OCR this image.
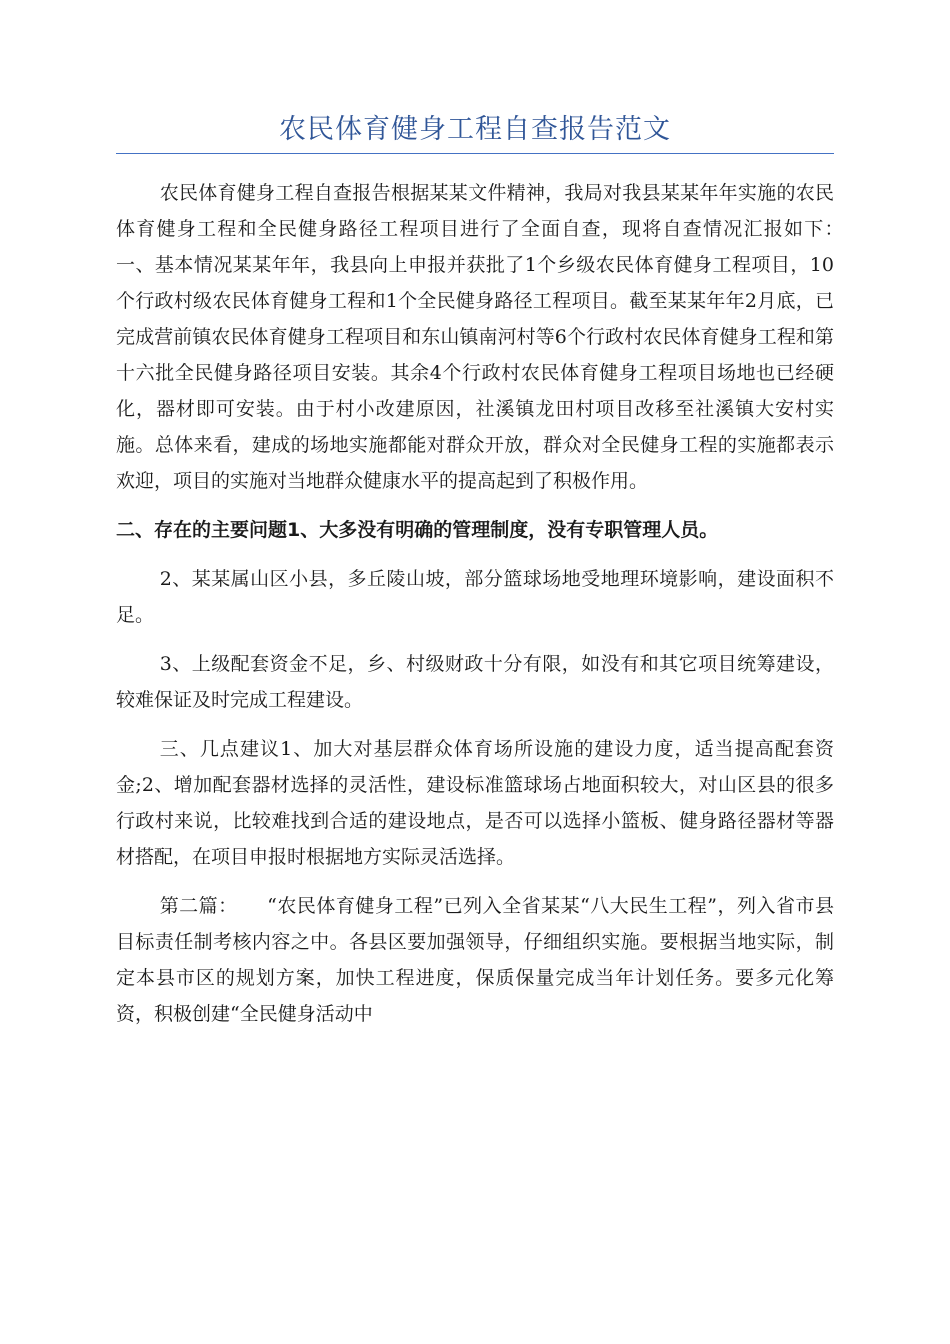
农民体育健身工程自查报告范文

农民体育健身工程自查报告根据某某文件精神，我局对我县某某年年实施的农民体育健身工程和全民健身路径工程项目进行了全面自查，现将自查情况汇报如下：　　一、基本情况某某年年，我县向上申报并获批了1个乡级农民体育健身工程项目，10个行政村级农民体育健身工程和1个全民健身路径工程项目。截至某某年年2月底，已完成营前镇农民体育健身工程项目和东山镇南河村等6个行政村农民体育健身工程和第十六批全民健身路径项目安装。其余4个行政村农民体育健身工程项目场地也已经硬化，器材即可安装。由于村小改建原因，社溪镇龙田村项目改移至社溪镇大安村实施。总体来看，建成的场地实施都能对群众开放，群众对全民健身工程的实施都表示欢迎，项目的实施对当地群众健康水平的提高起到了积极作用。

二、存在的主要问题1、大多没有明确的管理制度，没有专职管理人员。

2、某某属山区小县，多丘陵山坡，部分篮球场地受地理环境影响，建设面积不足。

3、上级配套资金不足，乡、村级财政十分有限，如没有和其它项目统筹建设，较难保证及时完成工程建设。

三、几点建议1、加大对基层群众体育场所设施的建设力度，适当提高配套资金;2、增加配套器材选择的灵活性，建设标准篮球场占地面积较大，对山区县的很多行政村来说，比较难找到合适的建设地点，是否可以选择小篮板、健身路径器材等器材搭配，在项目申报时根据地方实际灵活选择。

第二篇：　　“农民体育健身工程”已列入全省某某“八大民生工程”，列入省市县目标责任制考核内容之中。各县区要加强领导，仔细组织实施。要根据当地实际，制定本县市区的规划方案，加快工程进度，保质保量完成当年计划任务。要多元化筹资，积极创建“全民健身活动中
